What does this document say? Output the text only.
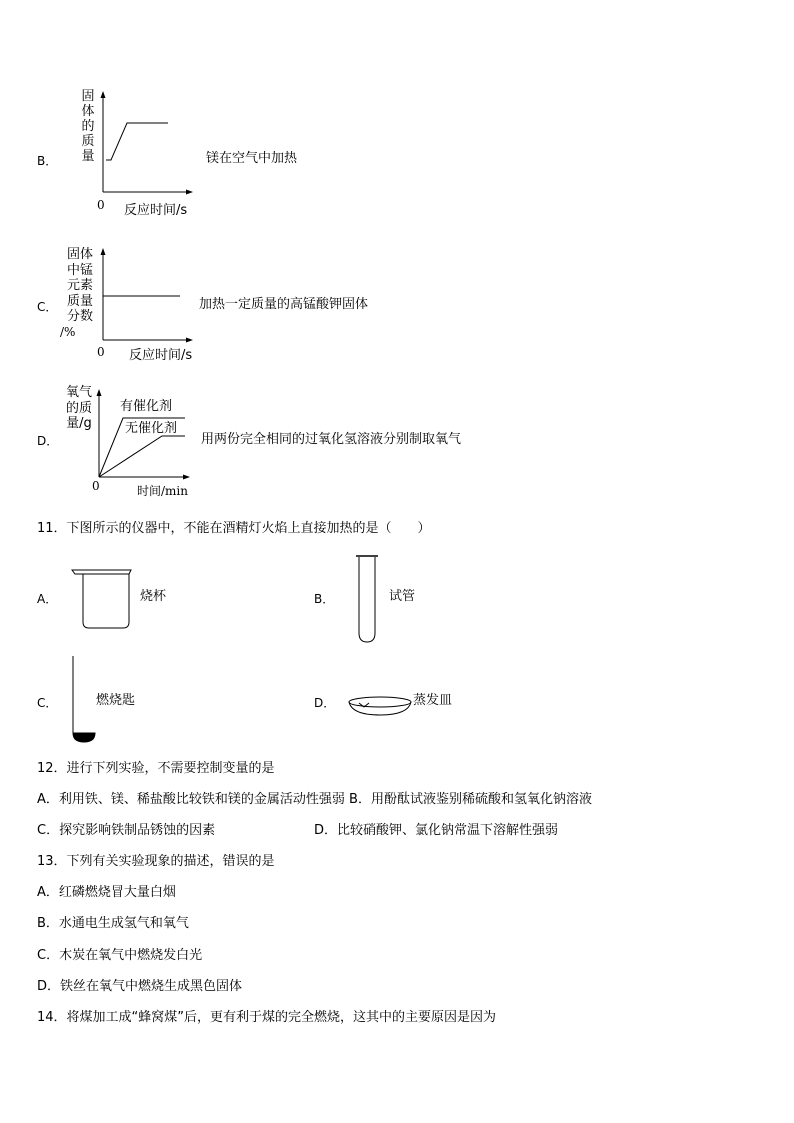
B．
固
体
的
质
量
0 反应时间/s
镁在空气中加热
C．
固体
中锰
元素
质量
分数
/%
0 反应时间/s
加热一定质量的高锰酸钾固体
D．
氧气
的质
量/g
有催化剂
无催化剂
0	时间/min
用两份完全相同的过氧化氢溶液分别制取氧气
11．下图所示的仪器中，不能在酒精灯火焰上直接加热的是（　　）
A．	烧杯	B．	试管
C．	燃烧匙	D．	蒸发皿
12．进行下列实验，不需要控制变量的是
A．利用铁、镁、稀盐酸比较铁和镁的金属活动性强弱 B．用酚酞试液鉴别稀硫酸和氢氧化钠溶液
C．探究影响铁制品锈蚀的因素	D．比较硝酸钾、氯化钠常温下溶解性强弱
13．下列有关实验现象的描述，错误的是
A．红磷燃烧冒大量白烟
B．水通电生成氢气和氧气
C．木炭在氧气中燃烧发白光
D．铁丝在氧气中燃烧生成黑色固体
14．将煤加工成“蜂窝煤”后，更有利于煤的完全燃烧，这其中的主要原因是因为
